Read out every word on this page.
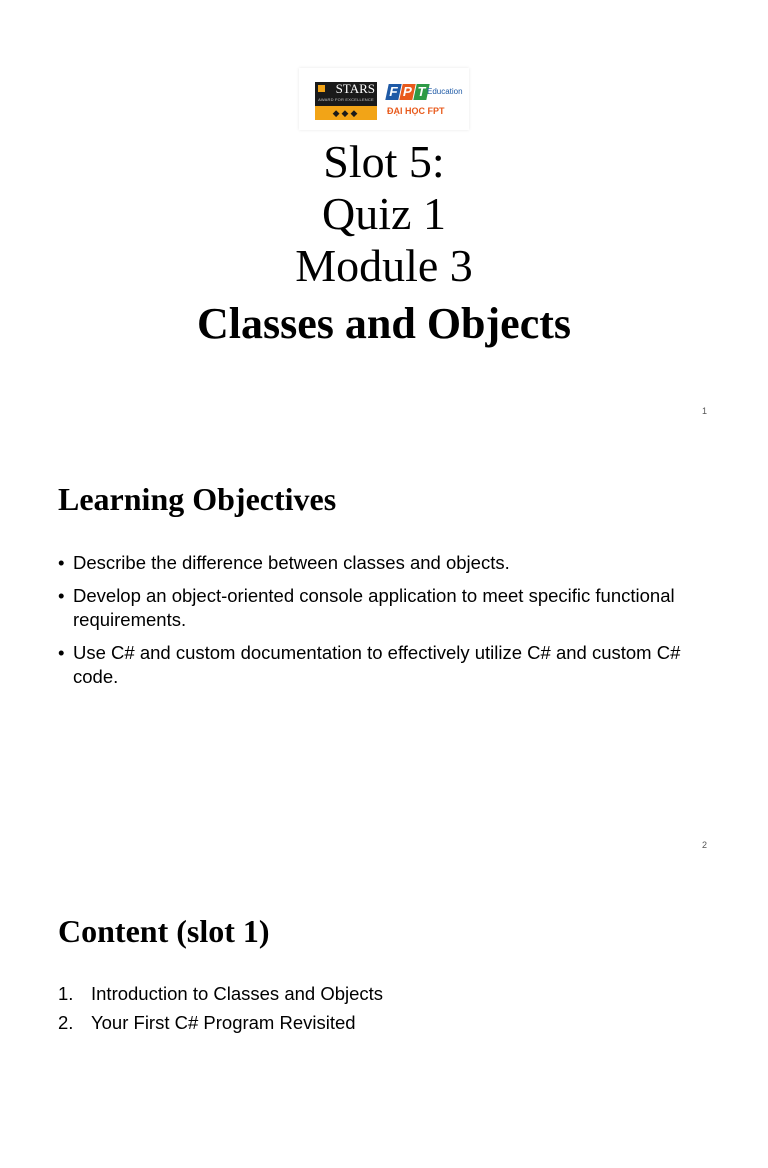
STARS
AWARD FOR EXCELLENCE
◆◆◆
F P T Education
ĐẠI HỌC FPT
Slot 5:
Quiz 1
Module 3
Classes and Objects
1
Learning Objectives
• Describe the difference between classes and objects.
• Develop an object-oriented console application to meet specific functional requirements.
• Use C# and custom documentation to effectively utilize C# and custom C# code.
2
Content (slot 1)
1. Introduction to Classes and Objects
2. Your First C# Program Revisited
